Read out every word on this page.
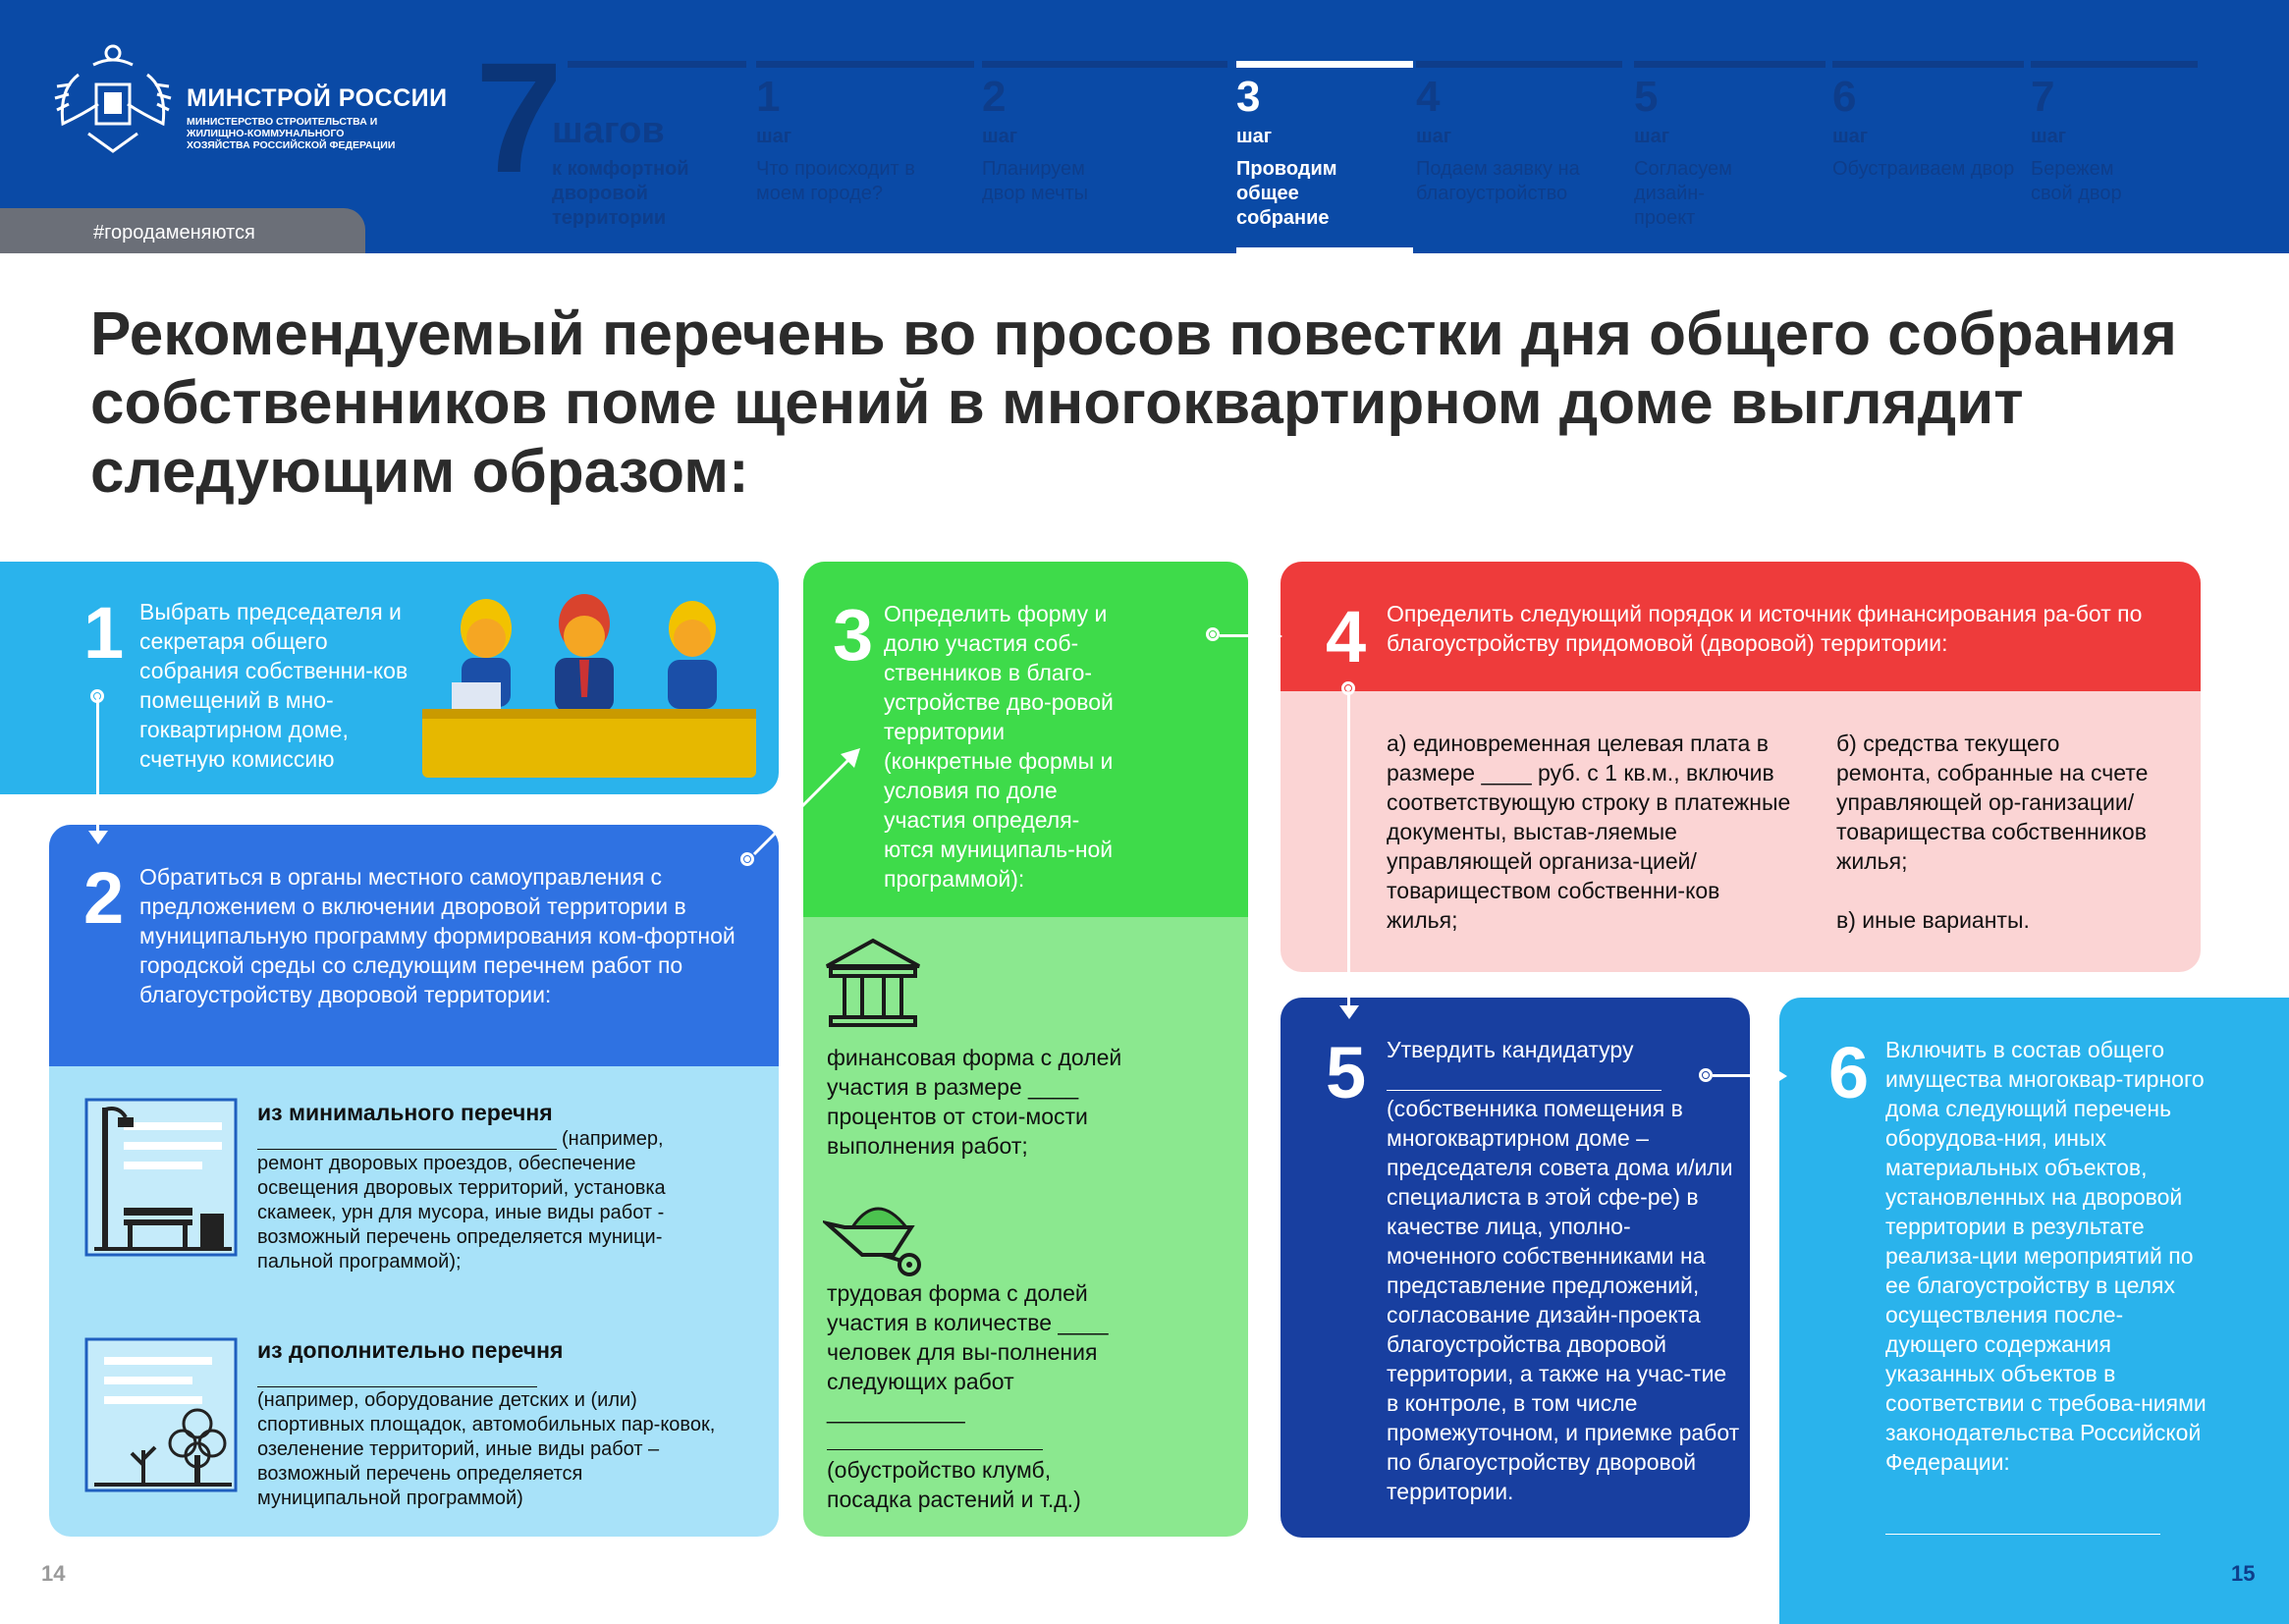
МИНСТРОЙ РОССИИ
МИНИСТЕРСТВО СТРОИТЕЛЬСТВА И ЖИЛИЩНО-КОММУНАЛЬНОГО ХОЗЯЙСТВА РОССИЙСКОЙ ФЕДЕРАЦИИ
#городаменяются
7
шагов
к комфортной дворовой территории
1
шаг
Что происходит в моем городе?
2
шаг
Планируем двор мечты
3
шаг
Проводим общее собрание
4
шаг
Подаем заявку на благоустройство
5
шаг
Согласуем дизайн-проект
6
шаг
Обустраиваем двор
7
шаг
Бережем свой двор
Рекомендуемый перечень во просов повестки дня общего собрания собственников поме щений в многоквартирном доме выглядит следующим образом:
1 Выбрать председателя и секретаря общего собрания собственни-ков помещений в мно-гоквартирном доме, счетную комиссию
2 Обратиться в органы местного самоуправления с предложением о включении дворовой территории в муниципальную программу формирования ком-фортной городской среды со следующим перечнем работ по благоустройству дворовой территории:
из минимального перечня
(например, ремонт дворовых проездов, обеспечение освещения дворовых территорий, установка скамеек, урн для мусора, иные виды работ - возможный перечень определяется муници-пальной программой);
из дополнительно перечня
(например, оборудование детских и (или) спортивных площадок, автомобильных пар-ковок, озеленение территорий, иные виды работ – возможный перечень определяется муниципальной программой)
3 Определить форму и долю участия соб-ственников в благо-устройстве дво-ровой территории (конкретные формы и условия по доле участия определя-ются муниципаль-ной программой):
финансовая форма с долей участия в размере ____ процентов от стои-мости выполнения работ;
трудовая форма с долей участия в количестве ____ человек для вы-полнения следующих работ ___________
(обустройство клумб, посадка растений и т.д.)
4 Определить следующий порядок и источник финансирования ра-бот по благоустройству придомовой (дворовой) территории:
а) единовременная целевая плата в размере ____ руб. с 1 кв.м., включив соответствующую строку в платежные документы, выстав-ляемые управляющей организа-цией/товариществом собственни-ков жилья;
б) средства текущего ремонта, собранные на счете управляющей ор-ганизации/товарищества собственников жилья;
в) иные варианты.
5 Утвердить кандидатуру
(собственника помещения в многоквартирном доме – председателя совета дома и/или специалиста в этой сфе-ре) в качестве лица, уполно-моченного собственниками на представление предложений, согласование дизайн-проекта благоустройства дворовой территории, а также на учас-тие в контроле, в том числе промежуточном, и приемке работ по благоустройству дворовой территории.
6 Включить в состав общего имущества многоквар-тирного дома следующий перечень оборудова-ния, иных материальных объектов, установленных на дворовой территории в результате реализа-ции мероприятий по ее благоустройству в целях осуществления после-дующего содержания указанных объектов в соответствии с требова-ниями законодательства Российской Федерации:
14	15
